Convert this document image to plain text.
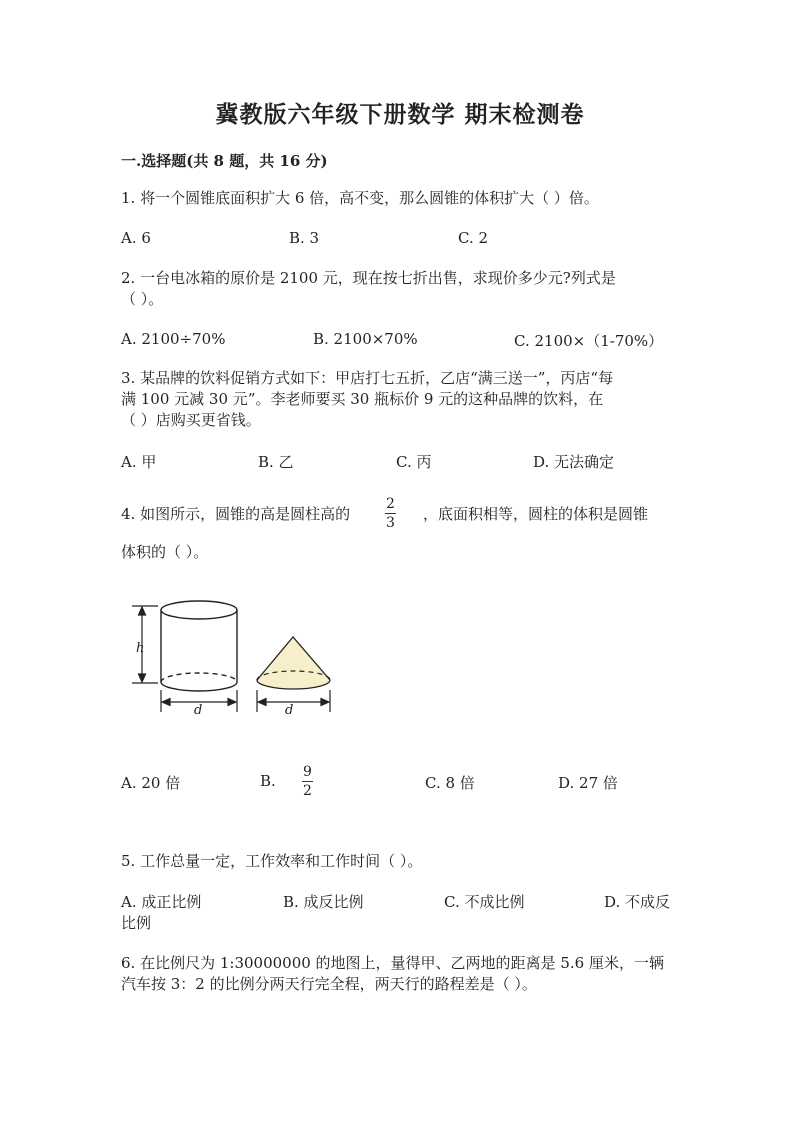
冀教版六年级下册数学 期末检测卷
一.选择题(共 8 题，共 16 分)
1. 将一个圆锥底面积扩大 6 倍，高不变，那么圆锥的体积扩大（ ）倍。
A. 6	B. 3	C. 2
2. 一台电冰箱的原价是 2100 元，现在按七折出售，求现价多少元?列式是
（ ）。
A. 2100÷70%	B. 2100×70%	C. 2100×（1-70%）
3. 某品牌的饮料促销方式如下：甲店打七五折，乙店“满三送一”，丙店“每
满 100 元减 30 元”。李老师要买 30 瓶标价 9 元的这种品牌的饮料，在
（ ）店购买更省钱。
A. 甲	B. 乙	C. 丙	D. 无法确定
4. 如图所示，圆锥的高是圆柱高的
2
3 ，底面积相等，圆柱的体积是圆锥
体积的（ ）。
h
d	d
A. 20 倍	B. 9
2	C. 8 倍	D. 27 倍
5. 工作总量一定，工作效率和工作时间（ ）。
A. 成正比例	B. 成反比例	C. 不成比例	D. 不成反
比例
6. 在比例尺为 1:30000000 的地图上，量得甲、乙两地的距离是 5.6 厘米，一辆
汽车按 3：2 的比例分两天行完全程，两天行的路程差是（ ）。
